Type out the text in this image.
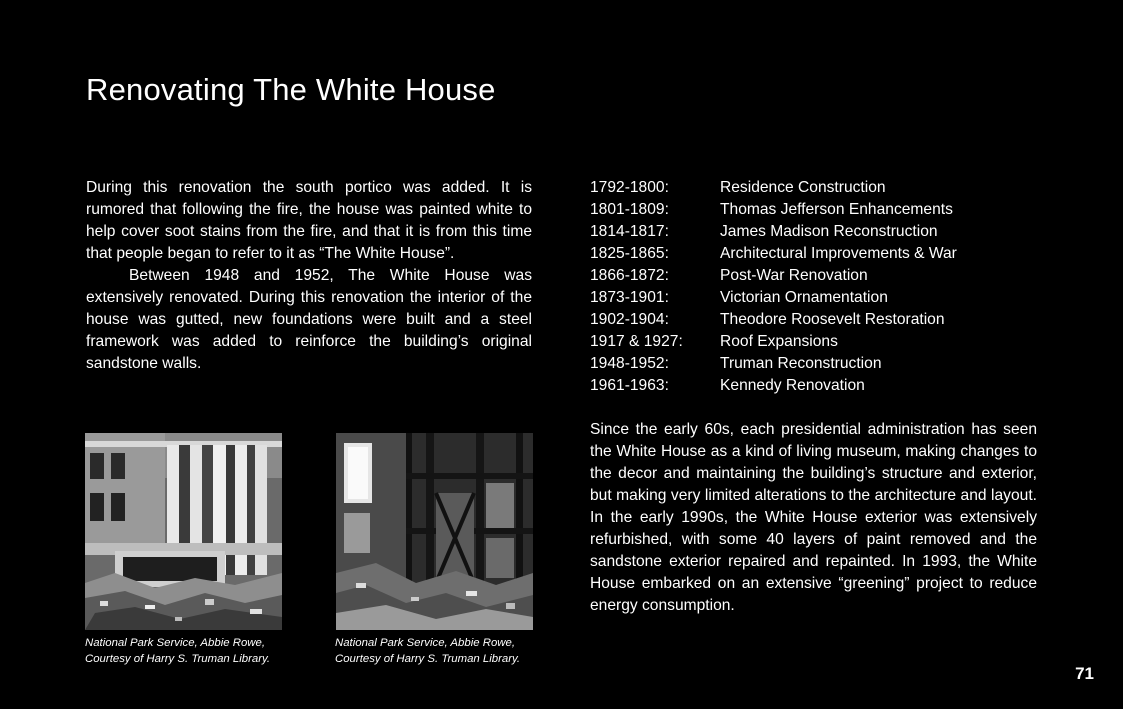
Renovating The White House

During this renovation the south portico was added. It is rumored that following the fire, the house was painted white to help cover soot stains from the fire, and that it is from this time that people began to refer to it as “The White House”.

Between 1948 and 1952, The White House was extensively renovated. During this renovation the interior of the house was gutted, new foundations were built and a steel framework was added to reinforce the building’s original sandstone walls.

1792-1800:	Residence Construction
1801-1809:	Thomas Jefferson Enhancements
1814-1817:	James Madison Reconstruction
1825-1865:	Architectural Improvements & War
1866-1872:	Post-War Renovation
1873-1901:	Victorian Ornamentation
1902-1904:	Theodore Roosevelt Restoration
1917 & 1927:	Roof Expansions
1948-1952:	Truman Reconstruction
1961-1963:	Kennedy Renovation

Since the early 60s, each presidential administration has seen the White House as a kind of living museum, making changes to the decor and maintaining the building’s structure and exterior, but making very limited alterations to the architecture and layout. In the early 1990s, the White House exterior was extensively refurbished, with some 40 layers of paint removed and the sandstone exterior repaired and repainted. In 1993, the White House embarked on an extensive “greening” project to reduce energy consumption.

National Park Service, Abbie Rowe, Courtesy of Harry S. Truman Library.

National Park Service, Abbie Rowe, Courtesy of Harry S. Truman Library.

71
